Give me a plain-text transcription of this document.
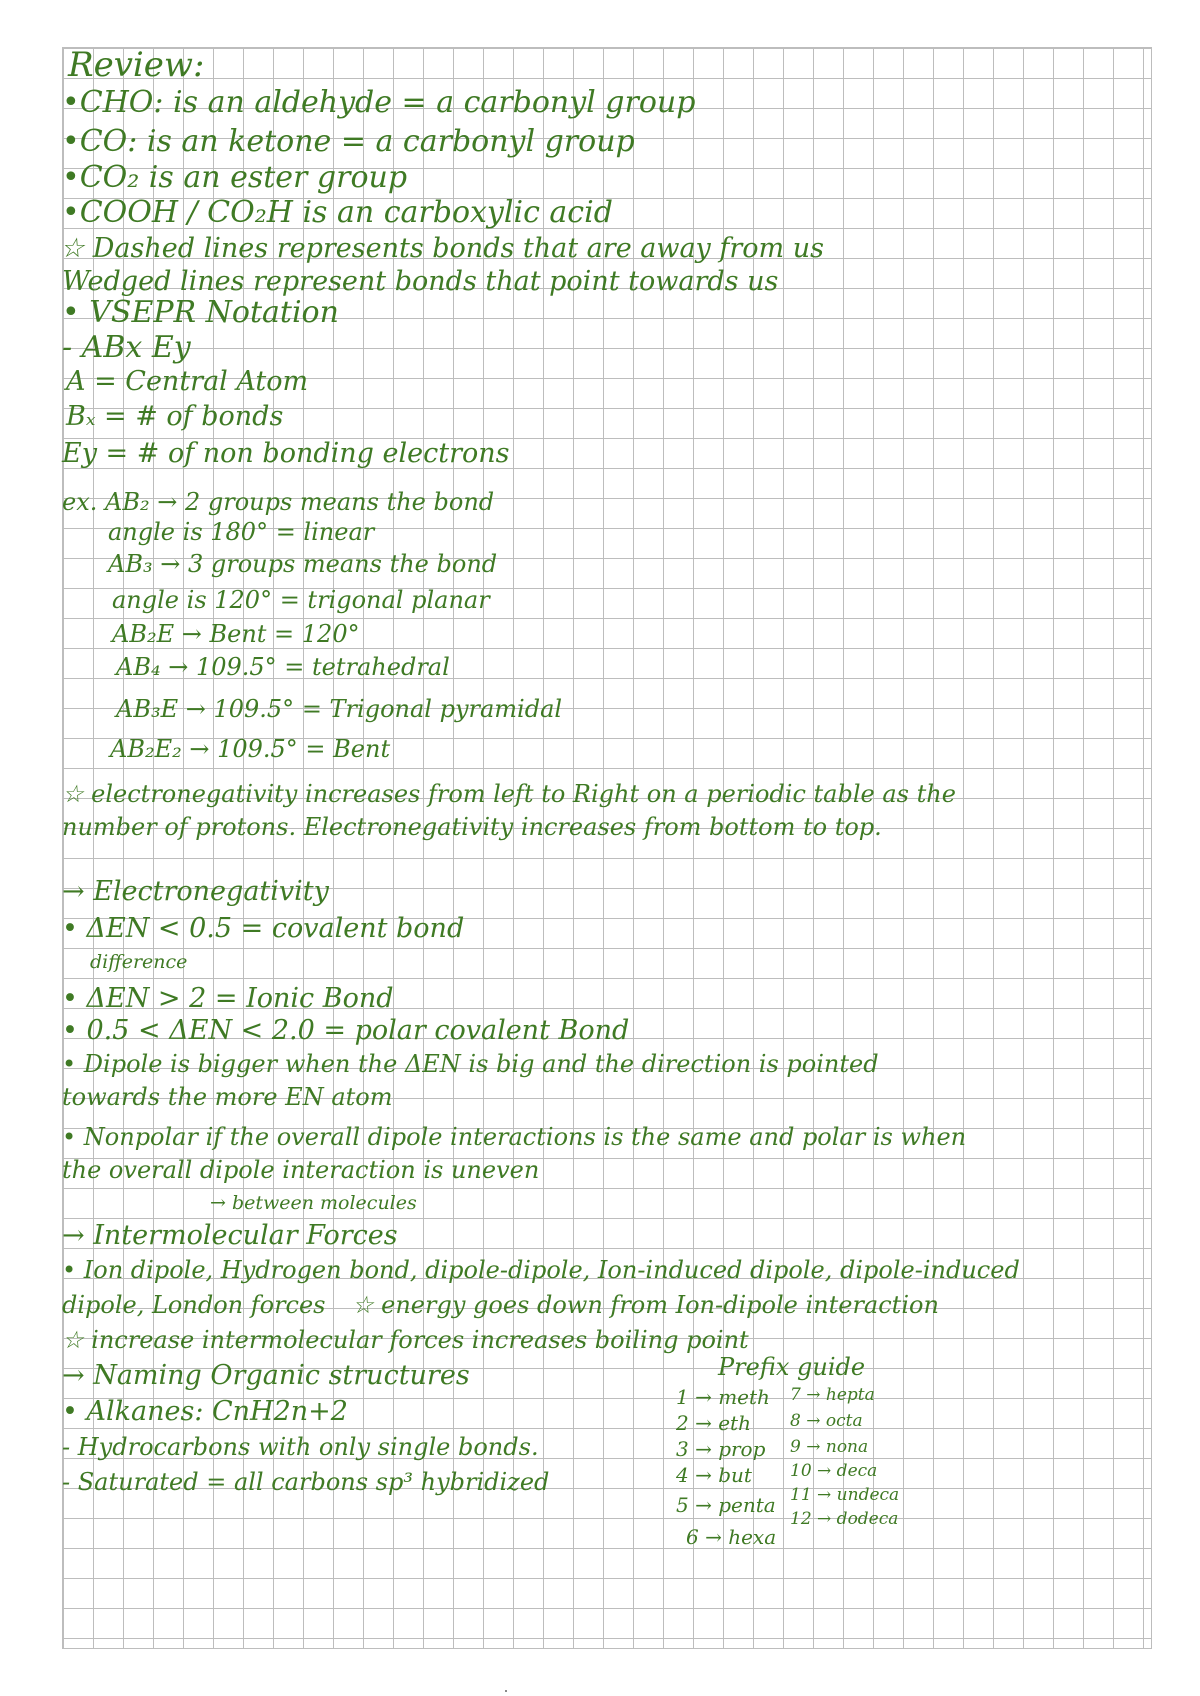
Review:
•CHO: is an aldehyde = a carbonyl group
•CO: is an ketone = a carbonyl group
•CO₂ is an ester group
•COOH / CO₂H is an carboxylic acid
☆ Dashed lines represents bonds that are away from us
Wedged lines represent bonds that point towards us
• VSEPR Notation
- ABx Ey
A = Central Atom
Bₓ = # of bonds
Ey = # of non bonding electrons
ex. AB₂ → 2 groups means the bond
angle is 180° = linear
AB₃ → 3 groups means the bond
angle is 120° = trigonal planar
AB₂E → Bent = 120°
AB₄ → 109.5° = tetrahedral
AB₃E → 109.5° = Trigonal pyramidal
AB₂E₂ → 109.5° = Bent
☆ electronegativity increases from left to Right on a periodic table as the
number of protons. Electronegativity increases from bottom to top.
→ Electronegativity
• ΔEN < 0.5 = covalent bond
difference
• ΔEN > 2 = Ionic Bond
• 0.5 < ΔEN < 2.0 = polar covalent Bond
• Dipole is bigger when the ΔEN is big and the direction is pointed
towards the more EN atom
• Nonpolar if the overall dipole interactions is the same and polar is when
the overall dipole interaction is uneven
→ between molecules
→ Intermolecular Forces
• Ion dipole, Hydrogen bond, dipole-dipole, Ion-induced dipole, dipole-induced
dipole, London forces ☆ energy goes down from Ion-dipole interaction
☆ increase intermolecular forces increases boiling point
→ Naming Organic structures
• Alkanes: CnH2n+2
- Hydrocarbons with only single bonds.
- Saturated = all carbons sp³ hybridized
Prefix guide
1 → meth
2 → eth
3 → prop
4 → but
5 → penta
6 → hexa
7 → hepta
8 → octa
9 → nona
10 → deca
11 → undeca
12 → dodeca
